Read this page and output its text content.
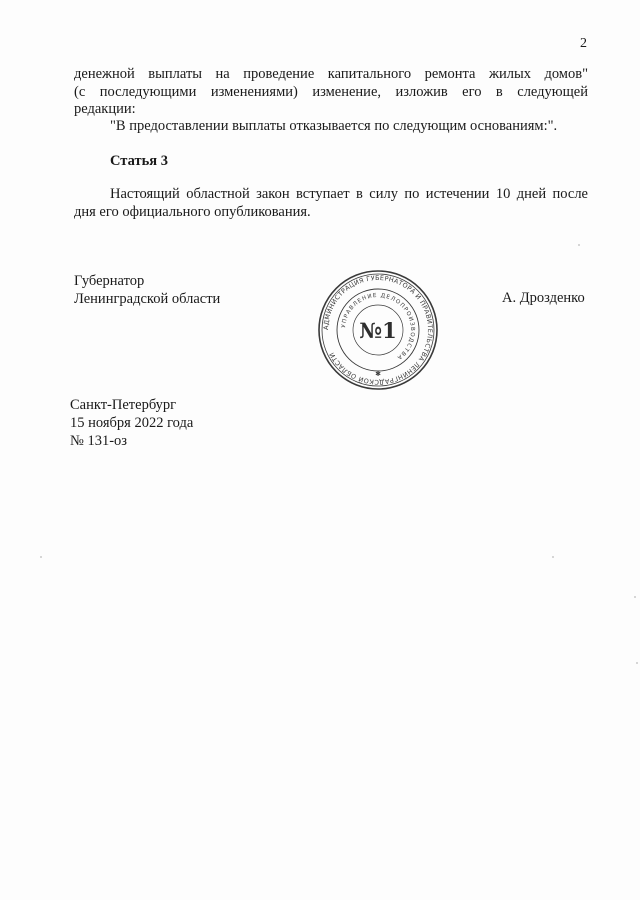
2
денежной выплаты на проведение капитального ремонта жилых домов"
(с последующими изменениями) изменение, изложив его в следующей
редакции:
"В предоставлении выплаты отказывается по следующим основаниям:".
Статья 3
Настоящий областной закон вступает в силу по истечении 10 дней после
дня его официального опубликования.
Губернатор
Ленинградской области	А. Дрозденко
АДМИНИСТРАЦИЯ ГУБЕРНАТОРА И ПРАВИТЕЛЬСТВА ЛЕНИНГРАДСКОЙ ОБЛАСТИ
УПРАВЛЕНИЕ ДЕЛОПРОИЗВОДСТВА
№1
✱
Санкт-Петербург
15 ноября 2022 года
№ 131-оз
